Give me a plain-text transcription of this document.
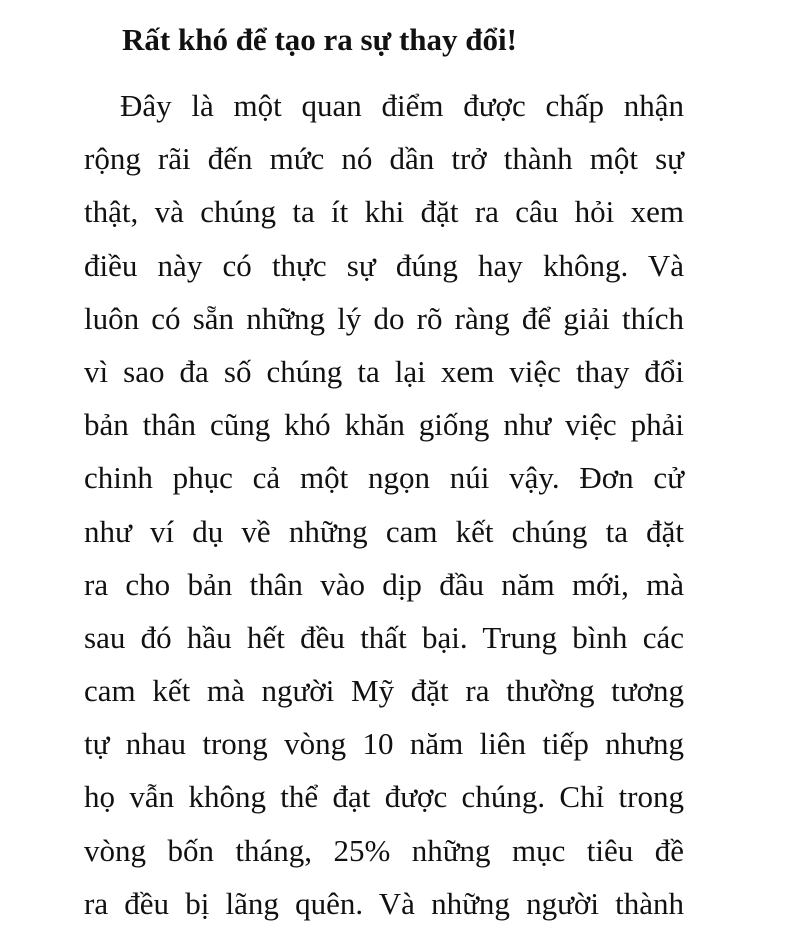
Rất khó để tạo ra sự thay đổi!
Đây là một quan điểm được chấp nhận
rộng rãi đến mức nó dần trở thành một sự
thật, và chúng ta ít khi đặt ra câu hỏi xem
điều này có thực sự đúng hay không. Và
luôn có sẵn những lý do rõ ràng để giải thích
vì sao đa số chúng ta lại xem việc thay đổi
bản thân cũng khó khăn giống như việc phải
chinh phục cả một ngọn núi vậy. Đơn cử
như ví dụ về những cam kết chúng ta đặt
ra cho bản thân vào dịp đầu năm mới, mà
sau đó hầu hết đều thất bại. Trung bình các
cam kết mà người Mỹ đặt ra thường tương
tự nhau trong vòng 10 năm liên tiếp nhưng
họ vẫn không thể đạt được chúng. Chỉ trong
vòng bốn tháng, 25% những mục tiêu đề
ra đều bị lãng quên. Và những người thành
